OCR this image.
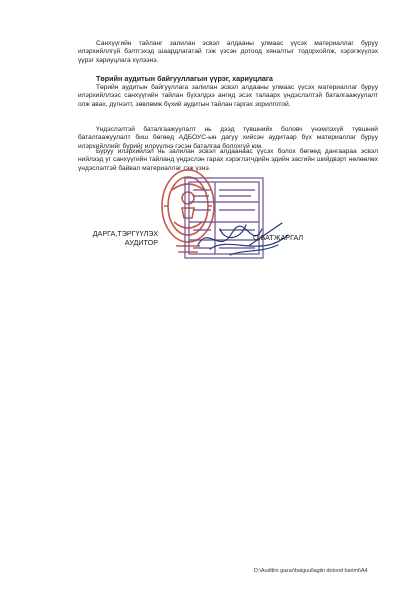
Санхүүгийн тайланг залилан эсвэл алдааны улмаас үүсэх материаллаг буруу илэрхийллгүй бэлтгэхэд шаардлагатай гэж үзсэн дотоод хяналтыг тодорхойлж, хэрэгжүүлэх үүрэг хариуцлага хүлээнэ.

Төрийн аудитын байгууллагын үүрэг, хариуцлага

Төрийн аудитын байгууллага залилан эсвэл алдааны улмаас үүсэх материаллаг буруу илэрхийллээс санхүүгийн тайлан бүхэлдээ ангид эсэх талаарх үндэслэлтэй баталгаажуулалт олж авах, дүгнэлт, зөвлөмж бүхий аудитын тайлан гаргах зорилготой.

Үндэслэлтэй баталгаажуулалт нь дээд түвшнийх боловч үнэмлэхүй түвшний баталгаажуулалт биш бөгөөд АДБОУС-ын дагуу хийсэн аудитаар бүх материаллаг буруу илэрхийллийг бүрийг илрүүлнэ гэсэн баталгаа болохгүй юм.

Буруу илэрхийлэл нь залилан эсвэл алдаанаас үүсэх болох бөгөөд дангаараа эсвэл нийлээд уг санхүүгийн тайланд үндэслэн гарах хэрэглэгчдийн эдийн засгийн шийдвэрт нөлөөлөх үндэслэлтэй байвал материаллаг гэж үзнэ.

ДАРГА,ТЭРГҮҮЛЭХ
АУДИТОР
О.БАТЖАРГАЛ
D:\Auditiin gazar\baiguullagiin dotood barimt\A4
